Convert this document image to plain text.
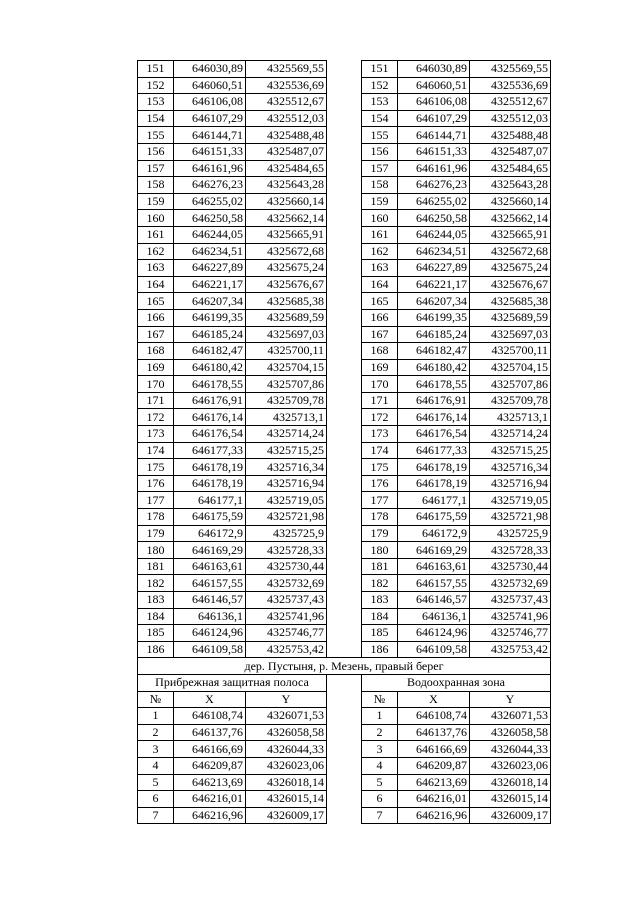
151	646030,89	4325569,55		151	646030,89	4325569,55
152	646060,51	4325536,69		152	646060,51	4325536,69
153	646106,08	4325512,67		153	646106,08	4325512,67
154	646107,29	4325512,03		154	646107,29	4325512,03
155	646144,71	4325488,48		155	646144,71	4325488,48
156	646151,33	4325487,07		156	646151,33	4325487,07
157	646161,96	4325484,65		157	646161,96	4325484,65
158	646276,23	4325643,28		158	646276,23	4325643,28
159	646255,02	4325660,14		159	646255,02	4325660,14
160	646250,58	4325662,14		160	646250,58	4325662,14
161	646244,05	4325665,91		161	646244,05	4325665,91
162	646234,51	4325672,68		162	646234,51	4325672,68
163	646227,89	4325675,24		163	646227,89	4325675,24
164	646221,17	4325676,67		164	646221,17	4325676,67
165	646207,34	4325685,38		165	646207,34	4325685,38
166	646199,35	4325689,59		166	646199,35	4325689,59
167	646185,24	4325697,03		167	646185,24	4325697,03
168	646182,47	4325700,11		168	646182,47	4325700,11
169	646180,42	4325704,15		169	646180,42	4325704,15
170	646178,55	4325707,86		170	646178,55	4325707,86
171	646176,91	4325709,78		171	646176,91	4325709,78
172	646176,14	4325713,1		172	646176,14	4325713,1
173	646176,54	4325714,24		173	646176,54	4325714,24
174	646177,33	4325715,25		174	646177,33	4325715,25
175	646178,19	4325716,34		175	646178,19	4325716,34
176	646178,19	4325716,94		176	646178,19	4325716,94
177	646177,1	4325719,05		177	646177,1	4325719,05
178	646175,59	4325721,98		178	646175,59	4325721,98
179	646172,9	4325725,9		179	646172,9	4325725,9
180	646169,29	4325728,33		180	646169,29	4325728,33
181	646163,61	4325730,44		181	646163,61	4325730,44
182	646157,55	4325732,69		182	646157,55	4325732,69
183	646146,57	4325737,43		183	646146,57	4325737,43
184	646136,1	4325741,96		184	646136,1	4325741,96
185	646124,96	4325746,77		185	646124,96	4325746,77
186	646109,58	4325753,42		186	646109,58	4325753,42
дер. Пустыня, р. Мезень, правый берег						
Прибрежная защитная полоса				Водоохранная зона		
№	X	Y		№	X	Y
1	646108,74	4326071,53		1	646108,74	4326071,53
2	646137,76	4326058,58		2	646137,76	4326058,58
3	646166,69	4326044,33		3	646166,69	4326044,33
4	646209,87	4326023,06		4	646209,87	4326023,06
5	646213,69	4326018,14		5	646213,69	4326018,14
6	646216,01	4326015,14		6	646216,01	4326015,14
7	646216,96	4326009,17		7	646216,96	4326009,17
